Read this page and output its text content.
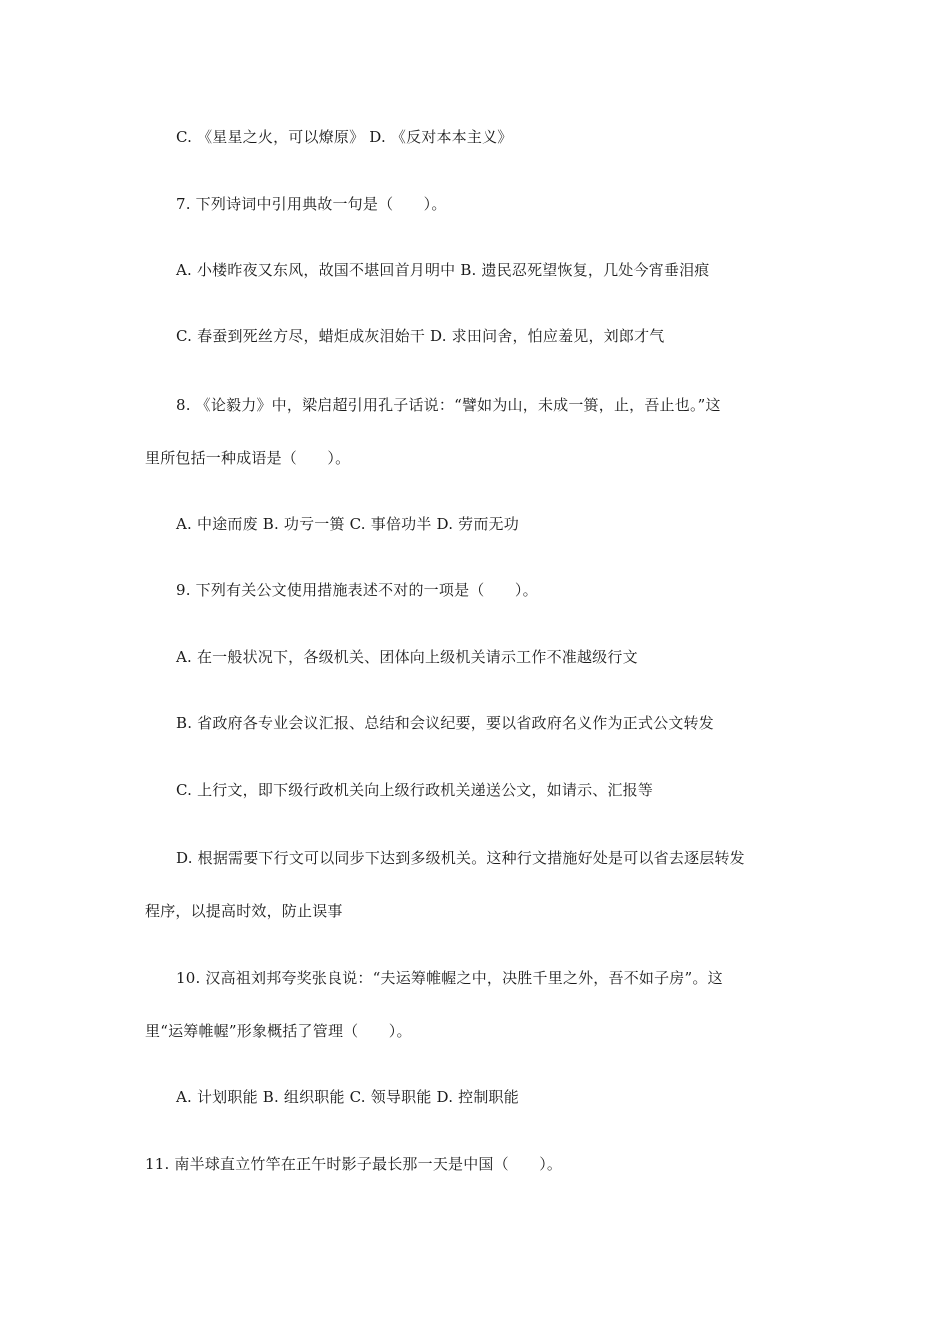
C. 《星星之火，可以燎原》 D. 《反对本本主义》
7. 下列诗词中引用典故一句是（　　）。
A. 小楼昨夜又东风，故国不堪回首月明中 B. 遗民忍死望恢复，几处今宵垂泪痕
C. 春蚕到死丝方尽，蜡炬成灰泪始干 D. 求田问舍，怕应羞见，刘郎才气
8. 《论毅力》中，梁启超引用孔子话说：“譬如为山，未成一篑，止，吾止也。”这
里所包括一种成语是（　　）。
A. 中途而废 B. 功亏一篑 C. 事倍功半 D. 劳而无功
9. 下列有关公文使用措施表述不对的一项是（　　）。
A. 在一般状况下，各级机关、团体向上级机关请示工作不准越级行文
B. 省政府各专业会议汇报、总结和会议纪要，要以省政府名义作为正式公文转发
C. 上行文，即下级行政机关向上级行政机关递送公文，如请示、汇报等
D. 根据需要下行文可以同步下达到多级机关。这种行文措施好处是可以省去逐层转发
程序，以提高时效，防止误事
10. 汉高祖刘邦夸奖张良说：“夫运筹帷幄之中，决胜千里之外，吾不如子房”。这
里“运筹帷幄”形象概括了管理（　　）。
A. 计划职能 B. 组织职能 C. 领导职能 D. 控制职能
11. 南半球直立竹竿在正午时影子最长那一天是中国（　　）。
